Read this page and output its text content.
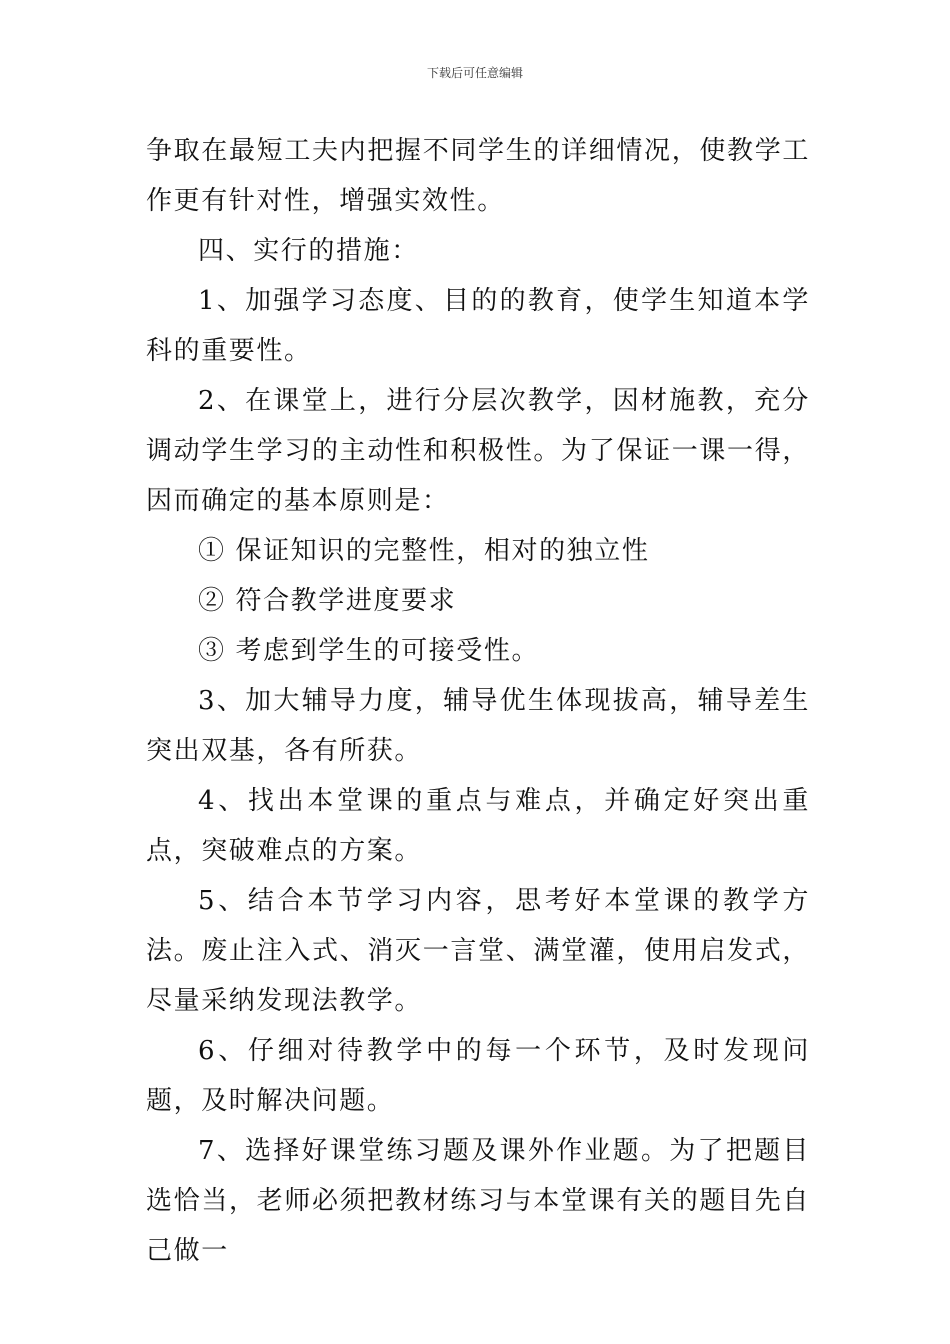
下载后可任意编辑

争取在最短工夫内把握不同学生的详细情况，使教学工作更有针对性，增强实效性。

四、实行的措施：

1、加强学习态度、目的的教育，使学生知道本学科的重要性。

2、在课堂上，进行分层次教学，因材施教，充分调动学生学习的主动性和积极性。为了保证一课一得，因而确定的基本原则是：

① 保证知识的完整性，相对的独立性

② 符合教学进度要求

③ 考虑到学生的可接受性。

3、加大辅导力度，辅导优生体现拔高，辅导差生突出双基，各有所获。

4、找出本堂课的重点与难点，并确定好突出重点，突破难点的方案。

5、结合本节学习内容，思考好本堂课的教学方法。废止注入式、消灭一言堂、满堂灌，使用启发式，尽量采纳发现法教学。

6、仔细对待教学中的每一个环节，及时发现问题，及时解决问题。

7、选择好课堂练习题及课外作业题。为了把题目选恰当，老师必须把教材练习与本堂课有关的题目先自己做一
